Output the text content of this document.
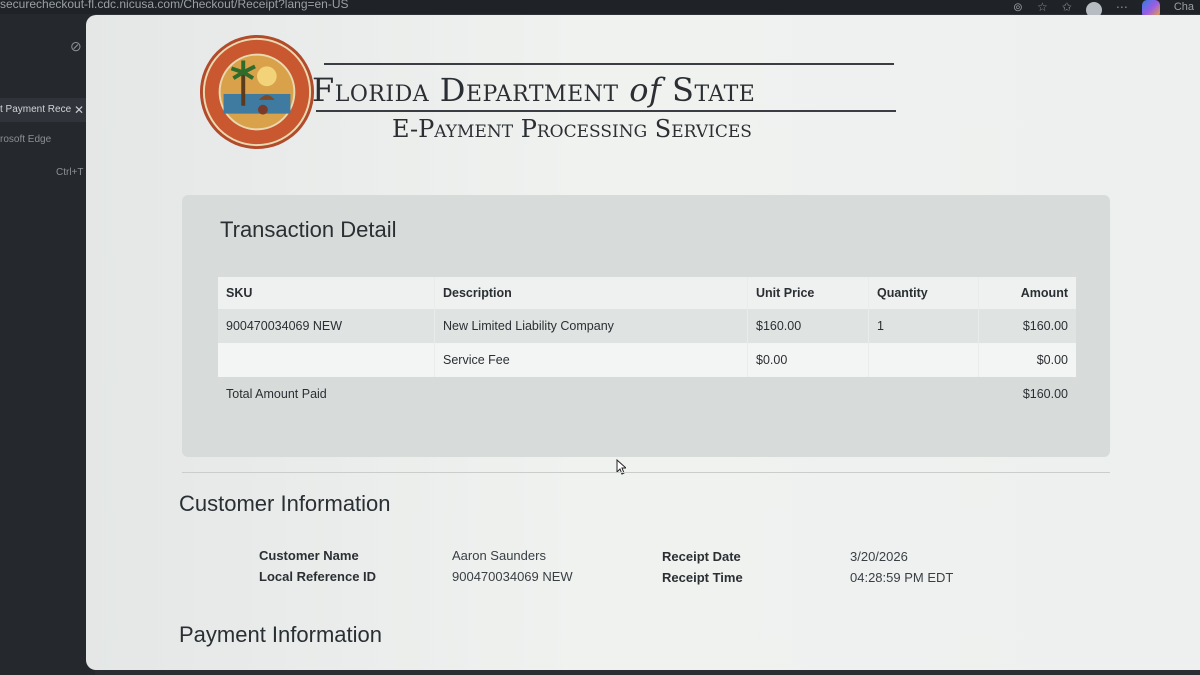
securecheckout-fl.cdc.nicusa.com/Checkout/Receipt?lang=en-US	⊚ ☆ ✩	⋯	Cha
⊘
t Payment Rece ✕
rosoft Edge
Ctrl+T
Florida Department of State
E-Payment Processing Services
Transaction Detail
SKU	Description	Unit Price	Quantity	Amount
900470034069 NEW	New Limited Liability Company	$160.00	1	$160.00
	Service Fee	$0.00		$0.00
Total Amount Paid				$160.00
Customer Information
Customer Name	Aaron Saunders
Local Reference ID	900470034069 NEW
Receipt Date	3/20/2026
Receipt Time	04:28:59 PM EDT
Payment Information
